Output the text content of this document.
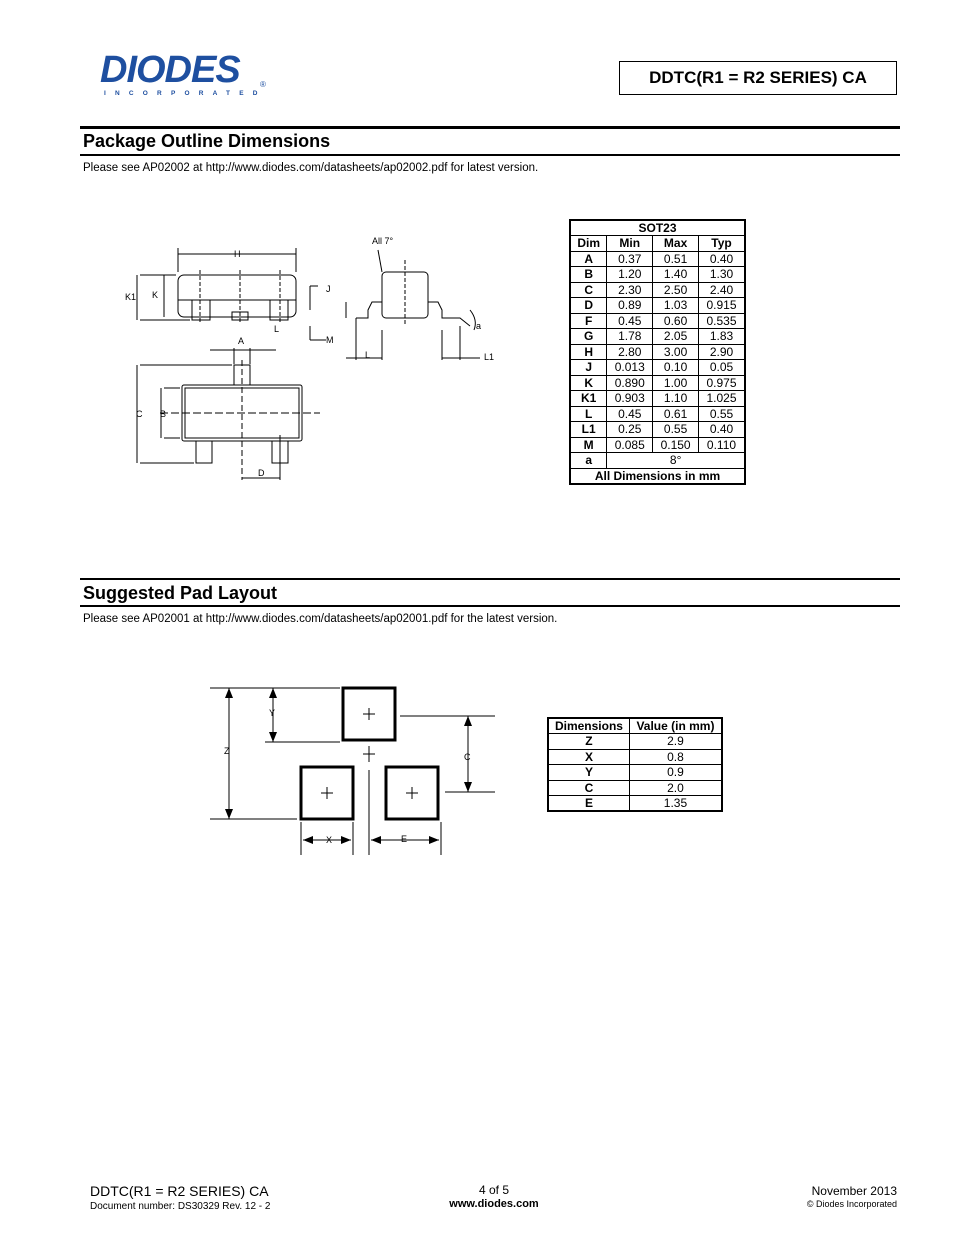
DIODES
INCORPORATED
®	DDTC(R1 = R2 SERIES) CA
Package Outline Dimensions
Please see AP02002 at http://www.diodes.com/datasheets/ap02002.pdf for latest version.
H
K1 K
J
L
M
A
C B
D
All 7°
a
L	L1
SOT23			
Dim	Min	Max	Typ
A	0.37	0.51	0.40
B	1.20	1.40	1.30
C	2.30	2.50	2.40
D	0.89	1.03	0.915
F	0.45	0.60	0.535
G	1.78	2.05	1.83
H	2.80	3.00	2.90
J	0.013	0.10	0.05
K	0.890	1.00	0.975
K1	0.903	1.10	1.025
L	0.45	0.61	0.55
L1	0.25	0.55	0.40
M	0.085	0.150	0.110
a	8°		
All Dimensions in mm			
Suggested Pad Layout
Please see AP02001 at http://www.diodes.com/datasheets/ap02001.pdf for the latest version.
Y
Z
C
X	E
Dimensions	Value (in mm)
Z	2.9
X	0.8
Y	0.9
C	2.0
E	1.35
DDTC(R1 = R2 SERIES) CA
Document number: DS30329 Rev. 12 - 2
4 of 5
www.diodes.com
November 2013
© Diodes Incorporated
